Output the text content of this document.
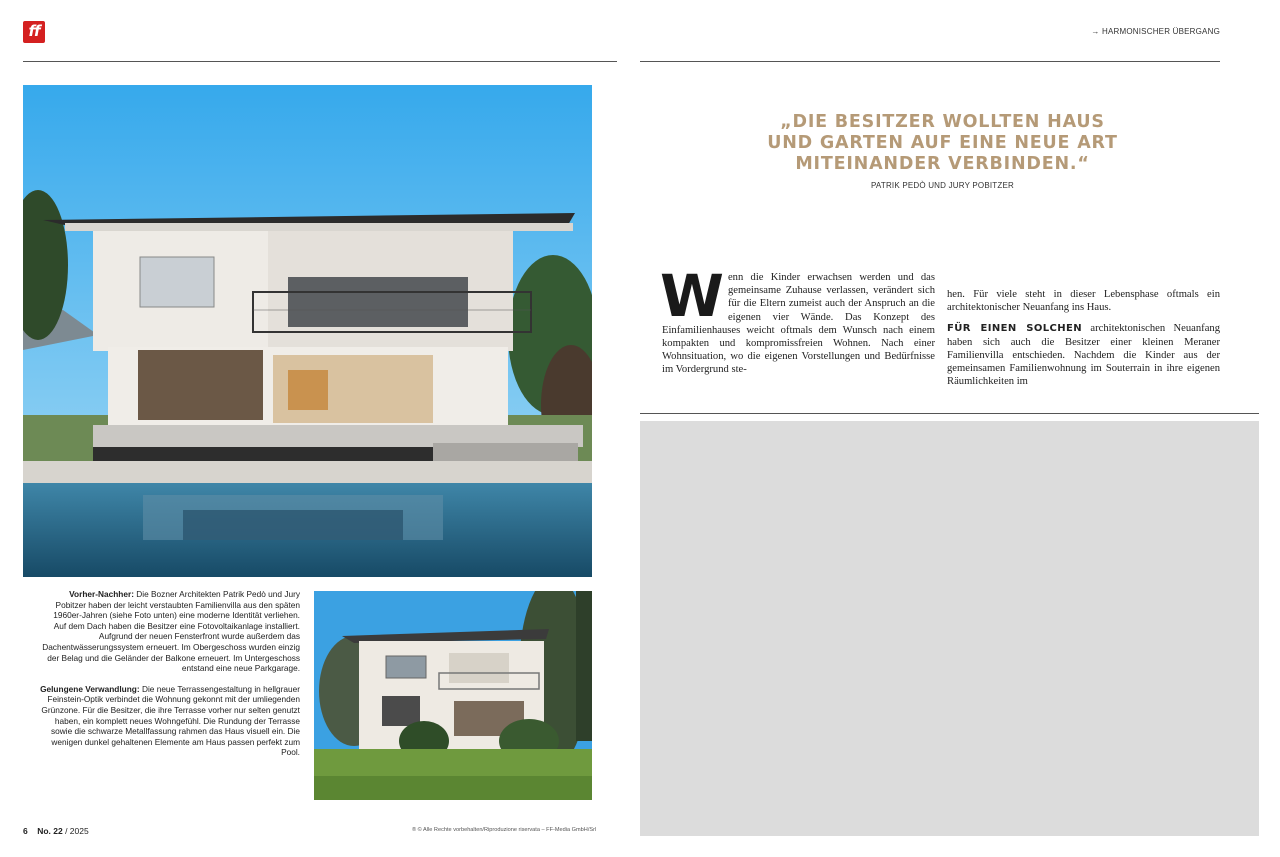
ff	→ HARMONISCHER ÜBERGANG

Vorher-Nachher: Die Bozner Architekten Patrik Pedò und Jury Pobitzer haben der leicht verstaubten Familienvilla aus den späten 1960er-Jahren (siehe Foto unten) eine moderne Identität verliehen. Auf dem Dach haben die Besitzer eine Fotovoltaikanlage installiert. Aufgrund der neuen Fensterfront wurde außerdem das Dachentwässerungssystem erneuert. Im Obergeschoss wurden einzig der Belag und die Geländer der Balkone erneuert. Im Untergeschoss entstand eine neue Parkgarage.

Gelungene Verwandlung: Die neue Terrassengestaltung in hellgrauer Feinstein-Optik verbindet die Wohnung gekonnt mit der umliegenden Grünzone. Für die Besitzer, die ihre Terrasse vorher nur selten genutzt haben, ein komplett neues Wohngefühl. Die Rundung der Terrasse sowie die schwarze Metallfassung rahmen das Haus visuell ein. Die wenigen dunkel gehaltenen Elemente am Haus passen perfekt zum Pool.

„DIE BESITZER WOLLTEN HAUS UND GARTEN AUF EINE NEUE ART MITEINANDER VERBINDEN.“
PATRIK PEDÒ UND JURY POBITZER
Wenn die Kinder erwachsen werden und das gemeinsame Zuhause verlassen, verändert sich für die Eltern zumeist auch der Anspruch an die eigenen vier Wände. Das Konzept des Einfamilienhauses weicht oftmals dem Wunsch nach einem kompakten und kompromissfreien Wohnen. Nach einer Wohnsituation, wo die eigenen Vorstellungen und Bedürfnisse im Vordergrund ste-
hen. Für viele steht in dieser Lebensphase oftmals ein architektonischer Neuanfang ins Haus.
FÜR EINEN SOLCHEN architektonischen Neuanfang haben sich auch die Besitzer einer kleinen Meraner Familienvilla entschieden. Nachdem die Kinder aus der gemeinsamen Familienwohnung im Souterrain in ihre eigenen Räumlichkeiten im
6 No. 22 / 2025	® © Alle Rechte vorbehalten/Riproduzione riservata – FF-Media GmbH/Srl
